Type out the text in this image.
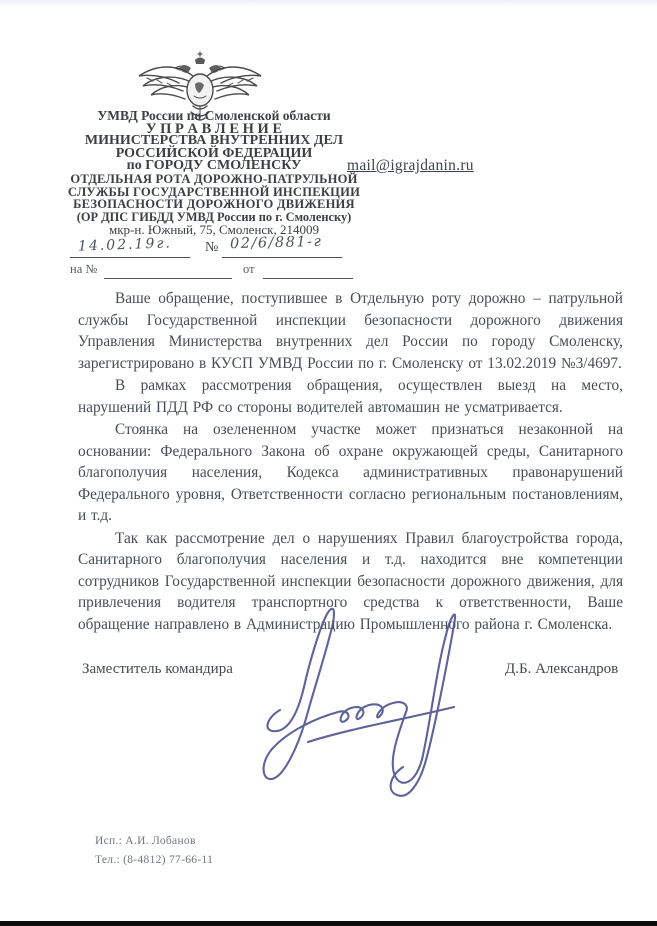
УМВД России по Смоленской области
У П Р А В Л Е Н И Е
МИНИСТЕРСТВА ВНУТРЕННИХ ДЕЛ
РОССИЙСКОЙ ФЕДЕРАЦИИ
по ГОРОДУ СМОЛЕНСКУ
ОТДЕЛЬНАЯ РОТА ДОРОЖНО-ПАТРУЛЬНОЙ
СЛУЖБЫ ГОСУДАРСТВЕННОЙ ИНСПЕКЦИИ
БЕЗОПАСНОСТИ ДОРОЖНОГО ДВИЖЕНИЯ
(ОР ДПС ГИБДД УМВД России по г. Смоленску)
мкр-н. Южный, 75, Смоленск, 214009
mail@igrajdanin.ru
14.02.19г. № 02/6/881-г
на №	от

Ваше обращение, поступившее в Отдельную роту дорожно – патрульной службы Государственной инспекции безопасности дорожного движения Управления Министерства внутренних дел России по городу Смоленску, зарегистрировано в КУСП УМВД России по г. Смоленску от 13.02.2019 №3/4697.

В рамках рассмотрения обращения, осуществлен выезд на место, нарушений ПДД РФ со стороны водителей автомашин не усматривается.

Стоянка на озелененном участке может признаться незаконной на основании: Федерального Закона об охране окружающей среды, Санитарного благополучия населения, Кодекса административных правонарушений Федерального уровня, Ответственности согласно региональным постановлениям, и т.д.

Так как рассмотрение дел о нарушениях Правил благоустройства города, Санитарного благополучия населения и т.д. находится вне компетенции сотрудников Государственной инспекции безопасности дорожного движения, для привлечения водителя транспортного средства к ответственности, Ваше обращение направлено в Администрацию Промышленного района г. Смоленска.

Заместитель командира	Д.Б. Александров
Исп.: А.И. Лобанов
Тел.: (8-4812) 77-66-11
